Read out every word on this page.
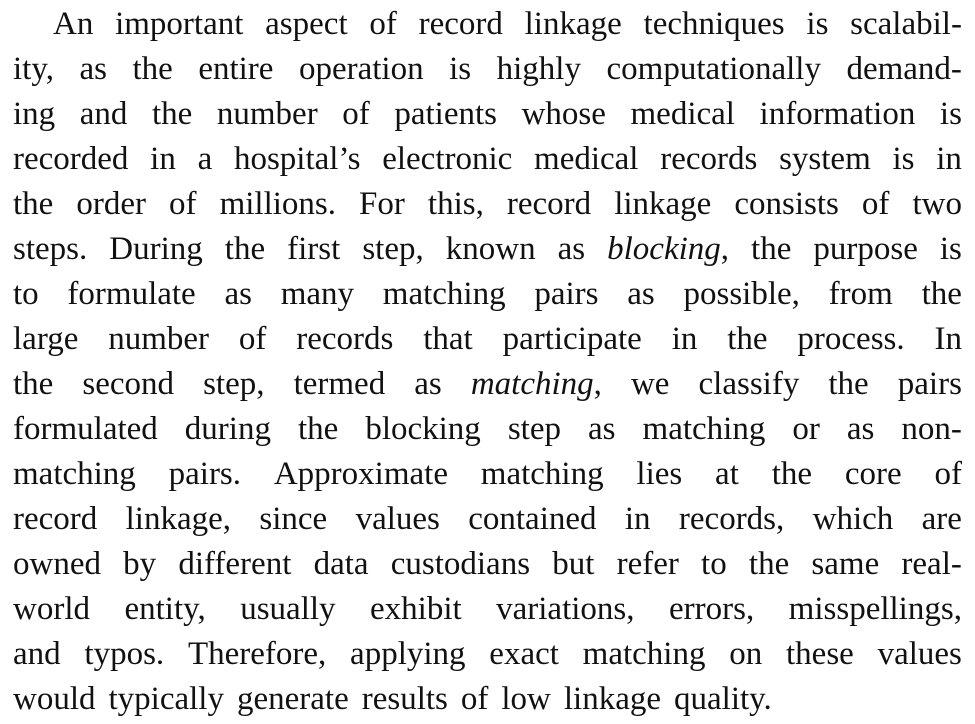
An important aspect of record linkage techniques is scalabil-
ity, as the entire operation is highly computationally demand-
ing and the number of patients whose medical information is
recorded in a hospital’s electronic medical records system is in
the order of millions. For this, record linkage consists of two
steps. During the first step, known as blocking, the purpose is
to formulate as many matching pairs as possible, from the
large number of records that participate in the process. In
the second step, termed as matching, we classify the pairs
formulated during the blocking step as matching or as non-
matching pairs. Approximate matching lies at the core of
record linkage, since values contained in records, which are
owned by different data custodians but refer to the same real-
world entity, usually exhibit variations, errors, misspellings,
and typos. Therefore, applying exact matching on these values
would typically generate results of low linkage quality.
